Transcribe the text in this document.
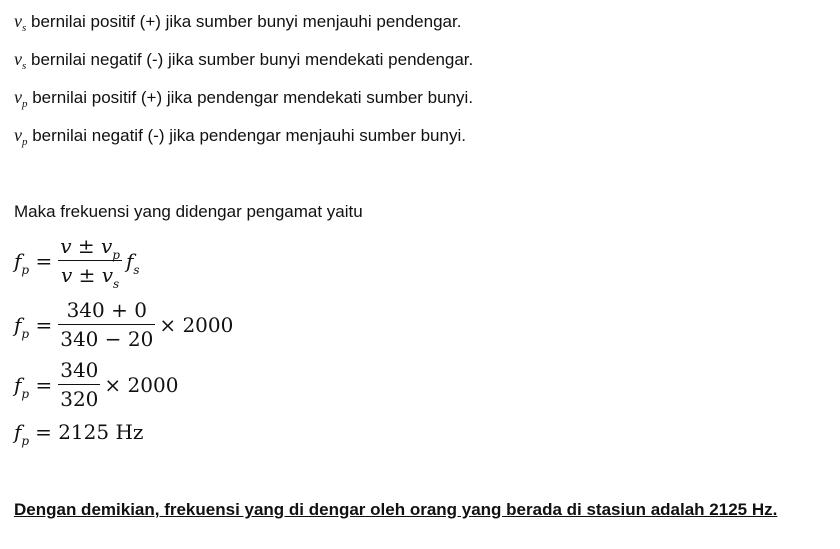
$v_s$ bernilai positif (+) jika sumber bunyi menjauhi pendengar.
$v_s$ bernilai negatif (-) jika sumber bunyi mendekati pendengar.
$v_p$ bernilai positif (+) jika pendengar mendekati sumber bunyi.
$v_p$ bernilai negatif (-) jika pendengar menjauhi sumber bunyi.
Maka frekuensi yang didengar pengamat yaitu
$f_p = \frac{v \pm v_p}{v \pm v_s} f_s$
$f_p = \frac{340 + 0}{340 - 20} \times 2000$
$f_p = \frac{340}{320} \times 2000$
$f_p = 2125$ Hz
Dengan demikian, frekuensi yang di dengar oleh orang yang berada di stasiun adalah 2125 Hz.
